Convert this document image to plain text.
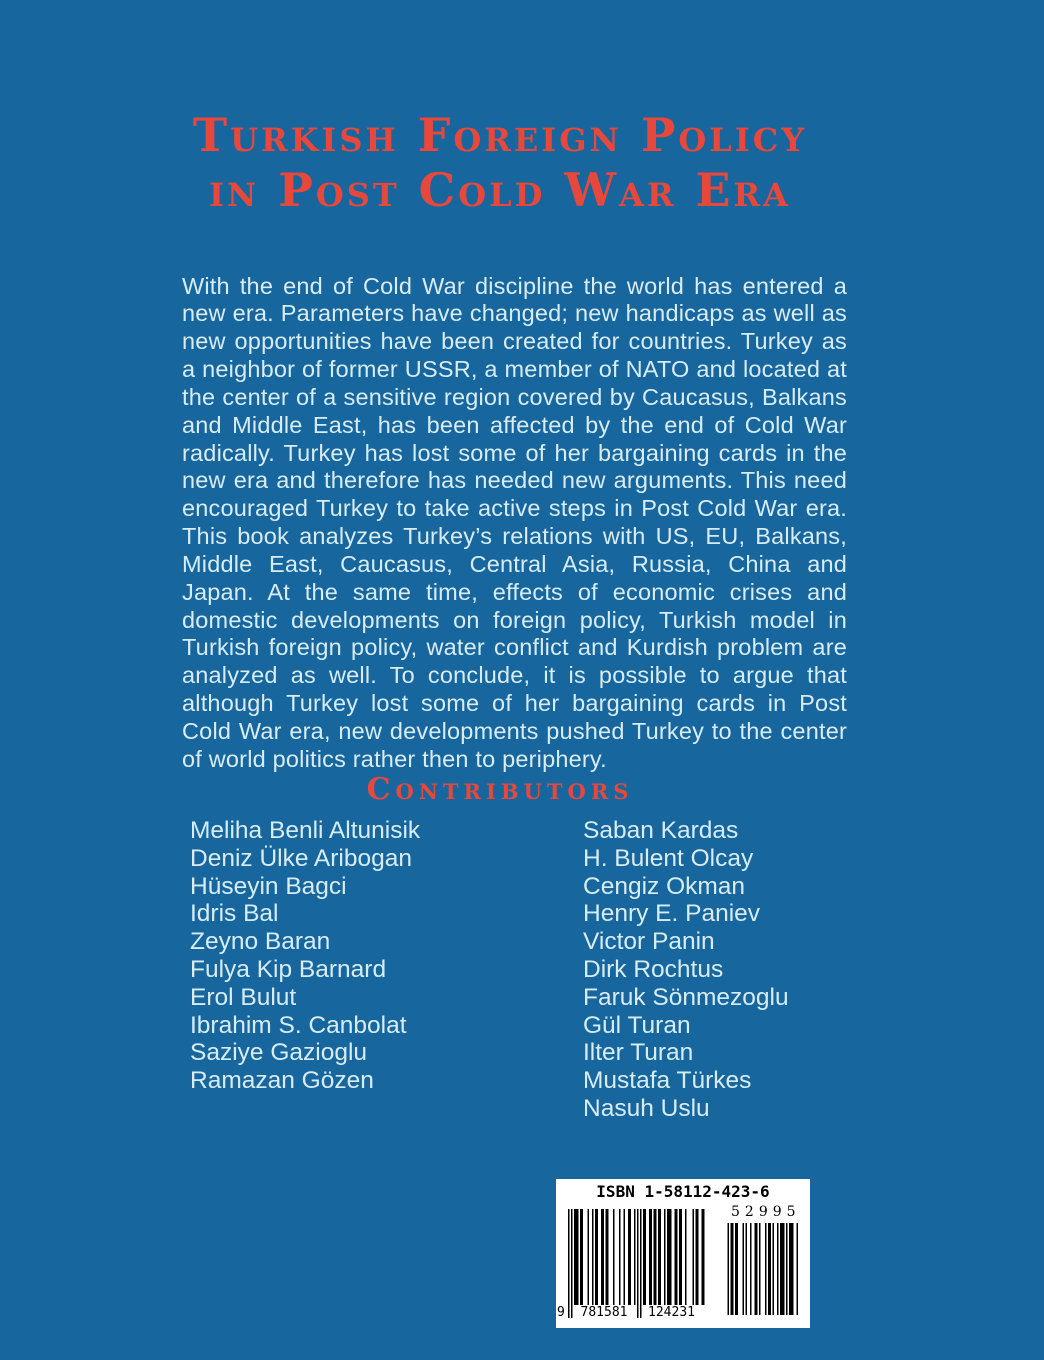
Turkish Foreign Policy
in Post Cold War Era

With the end of Cold War discipline the world has entered a new era. Parameters have changed; new handicaps as well as new opportunities have been created for countries. Turkey as a neighbor of former USSR, a member of NATO and located at the center of a sensitive region covered by Caucasus, Balkans and Middle East, has been affected by the end of Cold War radically. Turkey has lost some of her bargaining cards in the new era and therefore has needed new arguments. This need encouraged Turkey to take active steps in Post Cold War era. This book analyzes Turkey’s relations with US, EU, Balkans, Middle East, Caucasus, Central Asia, Russia, China and Japan. At the same time, effects of economic crises and domestic developments on foreign policy, Turkish model in Turkish foreign policy, water conflict and Kurdish problem are analyzed as well. To conclude, it is possible to argue that although Turkey lost some of her bargaining cards in Post Cold War era, new developments pushed Turkey to the center of world politics rather then to periphery.

Contributors
Meliha Benli Altunisik
Deniz Ülke Aribogan
Hüseyin Bagci
Idris Bal
Zeyno Baran
Fulya Kip Barnard
Erol Bulut
Ibrahim S. Canbolat
Saziye Gazioglu
Ramazan Gözen
Saban Kardas
H. Bulent Olcay
Cengiz Okman
Henry E. Paniev
Victor Panin
Dirk Rochtus
Faruk Sönmezoglu
Gül Turan
Ilter Turan
Mustafa Türkes
Nasuh Uslu
ISBN 1-58112-423-6
9	781581	124231
52995
